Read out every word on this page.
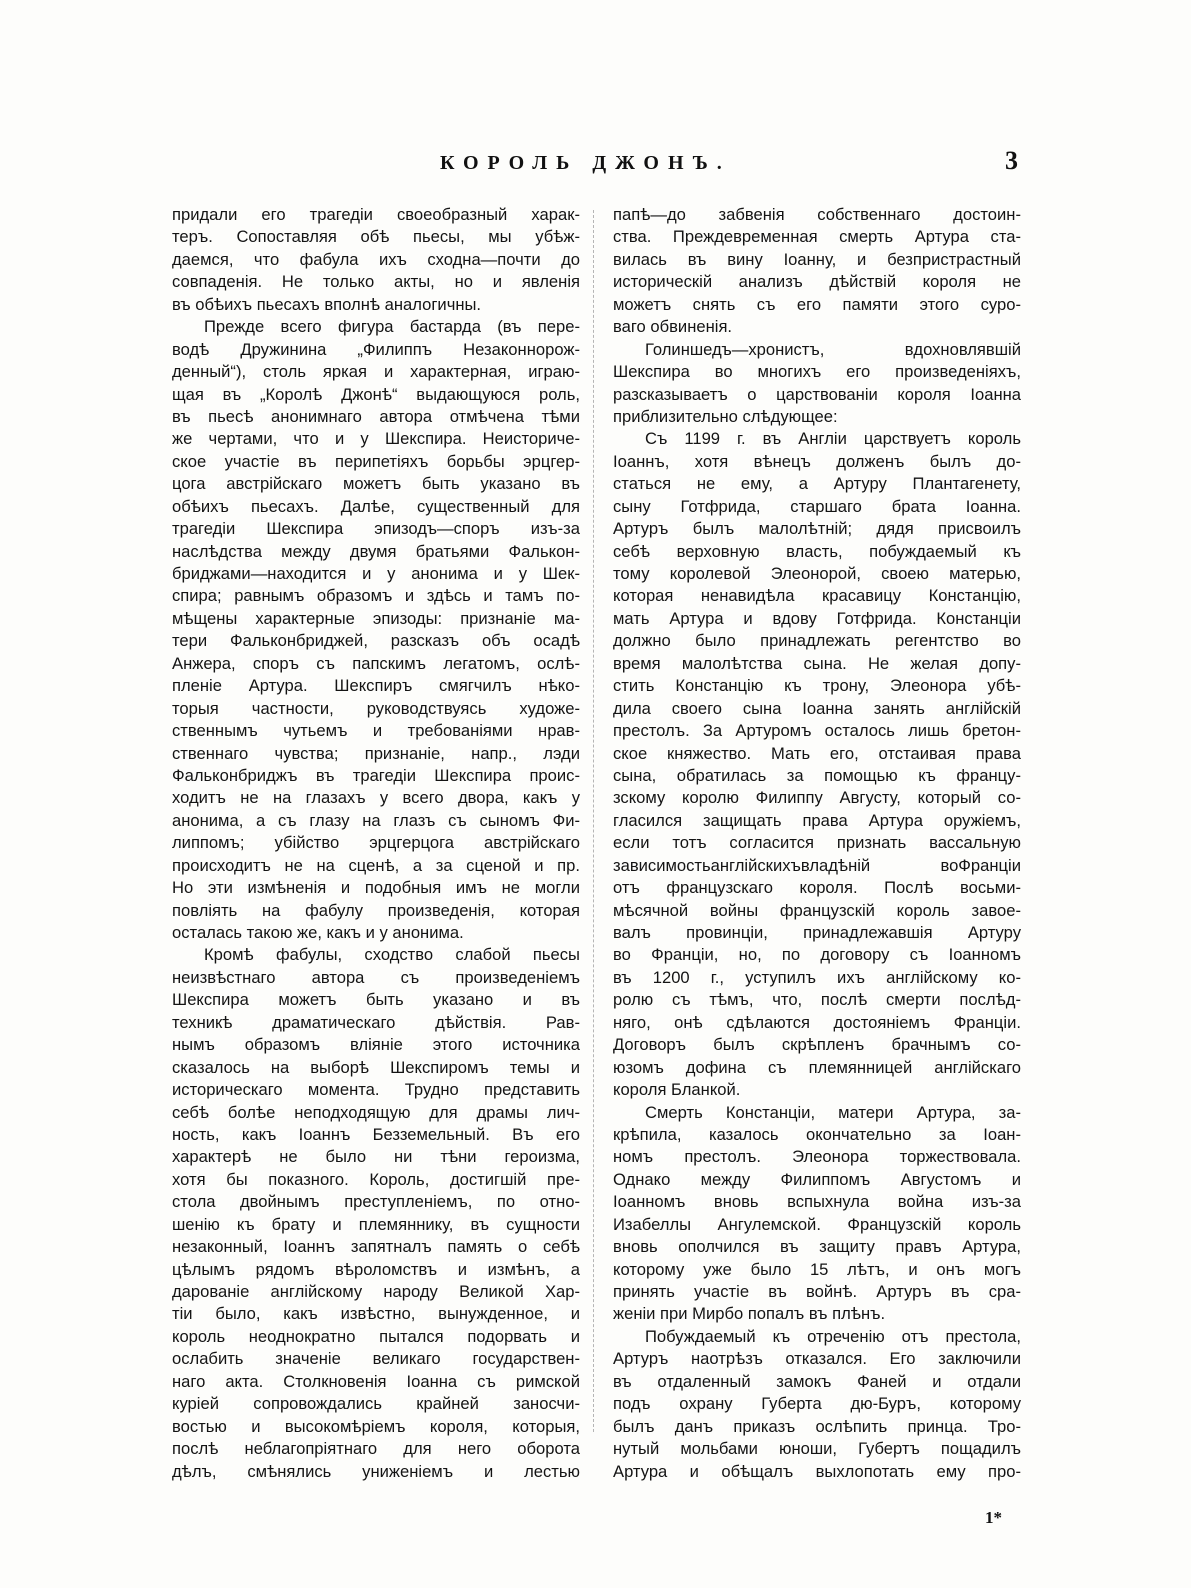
КОРОЛЬ ДЖОНЪ.	3
придали его трагедіи своеобразный харак-
теръ. Сопоставляя обѣ пьесы, мы убѣж-
даемся, что фабула ихъ сходна—почти до
совпаденія. Не только акты, но и явленія
въ обѣихъ пьесахъ вполнѣ аналогичны.
Прежде всего фигура бастарда (въ пере-
водѣ Дружинина „Филиппъ Незаконнорож-
денный“), столь яркая и характерная, играю-
щая въ „Королѣ Джонѣ“ выдающуюся роль,
въ пьесѣ анонимнаго автора отмѣчена тѣми
же чертами, что и у Шекспира. Неисториче-
ское участіе въ перипетіяхъ борьбы эрцгер-
цога австрійскаго можетъ быть указано въ
обѣихъ пьесахъ. Далѣе, существенный для
трагедіи Шекспира эпизодъ—споръ изъ-за
наслѣдства между двумя братьями Фалькон-
бриджами—находится и у анонима и у Шек-
спира; равнымъ образомъ и здѣсь и тамъ по-
мѣщены характерные эпизоды: признаніе ма-
тери Фальконбриджей, разсказъ объ осадѣ
Анжера, споръ съ папскимъ легатомъ, ослѣ-
пленіе Артура. Шекспиръ смягчилъ нѣко-
торыя частности, руководствуясь художе-
ственнымъ чутьемъ и требованіями нрав-
ственнаго чувства; признаніе, напр., лэди
Фальконбриджъ въ трагедіи Шекспира проис-
ходитъ не на глазахъ у всего двора, какъ у
анонима, а съ глазу на глазъ съ сыномъ Фи-
липпомъ; убійство эрцгерцога австрійскаго
происходитъ не на сценѣ, а за сценой и пр.
Но эти измѣненія и подобныя имъ не могли
повліять на фабулу произведенія, которая
осталась такою же, какъ и у анонима.
Кромѣ фабулы, сходство слабой пьесы
неизвѣстнаго автора съ произведеніемъ
Шекспира можетъ быть указано и въ
техникѣ драматическаго дѣйствія. Рав-
нымъ образомъ вліяніе этого источника
сказалось на выборѣ Шекспиромъ темы и
историческаго момента. Трудно представить
себѣ болѣе неподходящую для драмы лич-
ность, какъ Іоаннъ Безземельный. Въ его
характерѣ не было ни тѣни героизма,
хотя бы показного. Король, достигшій пре-
стола двойнымъ преступленіемъ, по отно-
шенію къ брату и племяннику, въ сущности
незаконный, Іоаннъ запятналъ память о себѣ
цѣлымъ рядомъ вѣроломствъ и измѣнъ, а
дарованіе англійскому народу Великой Хар-
тіи было, какъ извѣстно, вынужденное, и
король неоднократно пытался подорвать и
ослабить значеніе великаго государствен-
наго акта. Столкновенія Іоанна съ римской
куріей сопровождались крайней заносчи-
востью и высокомѣріемъ короля, которыя,
послѣ неблагопріятнаго для него оборота
дѣлъ, смѣнялись униженіемъ и лестью
папѣ—до забвенія собственнаго достоин-
ства. Преждевременная смерть Артура ста-
вилась въ вину Іоанну, и безпристрастный
историческій анализъ дѣйствій короля не
можетъ снять съ его памяти этого суро-
ваго обвиненія.
Голиншедъ—хронистъ, вдохновлявшій
Шекспира во многихъ его произведеніяхъ,
разсказываетъ о царствованіи короля Іоанна
приблизительно слѣдующее:
Съ 1199 г. въ Англіи царствуетъ король
Іоаннъ, хотя вѣнецъ долженъ былъ до-
статься не ему, а Артуру Плантагенету,
сыну Готфрида, старшаго брата Іоанна.
Артуръ былъ малолѣтній; дядя присвоилъ
себѣ верховную власть, побуждаемый къ
тому королевой Элеонорой, своею матерью,
которая ненавидѣла красавицу Констанцію,
мать Артура и вдову Готфрида. Констанціи
должно было принадлежать регентство во
время малолѣтства сына. Не желая допу-
стить Констанцію къ трону, Элеонора убѣ-
дила своего сына Іоанна занять англійскій
престолъ. За Артуромъ осталось лишь бретон-
ское княжество. Мать его, отстаивая права
сына, обратилась за помощью къ францу-
зскому королю Филиппу Августу, который со-
гласился защищать права Артура оружіемъ,
если тотъ согласится признать вассальную
зависимостьанглійскихъвладѣній воФранціи
отъ французскаго короля. Послѣ восьми-
мѣсячной войны французскій король завое-
валъ провинціи, принадлежавшія Артуру
во Франціи, но, по договору съ Іоанномъ
въ 1200 г., уступилъ ихъ англійскому ко-
ролю съ тѣмъ, что, послѣ смерти послѣд-
няго, онѣ сдѣлаются достояніемъ Франціи.
Договоръ былъ скрѣпленъ брачнымъ со-
юзомъ дофина съ племянницей англійскаго
короля Бланкой.
Смерть Констанціи, матери Артура, за-
крѣпила, казалось окончательно за Іоан-
номъ престолъ. Элеонора торжествовала.
Однако между Филиппомъ Августомъ и
Іоанномъ вновь вспыхнула война изъ-за
Изабеллы Ангулемской. Французскій король
вновь ополчился въ защиту правъ Артура,
которому уже было 15 лѣтъ, и онъ могъ
принять участіе въ войнѣ. Артуръ въ сра-
женіи при Мирбо попалъ въ плѣнъ.
Побуждаемый къ отреченію отъ престола,
Артуръ наотрѣзъ отказался. Его заключили
въ отдаленный замокъ Фаней и отдали
подъ охрану Губерта дю-Буръ, которому
былъ данъ приказъ ослѣпить принца. Тро-
нутый мольбами юноши, Губертъ пощадилъ
Артура и обѣщалъ выхлопотать ему про-
1*
